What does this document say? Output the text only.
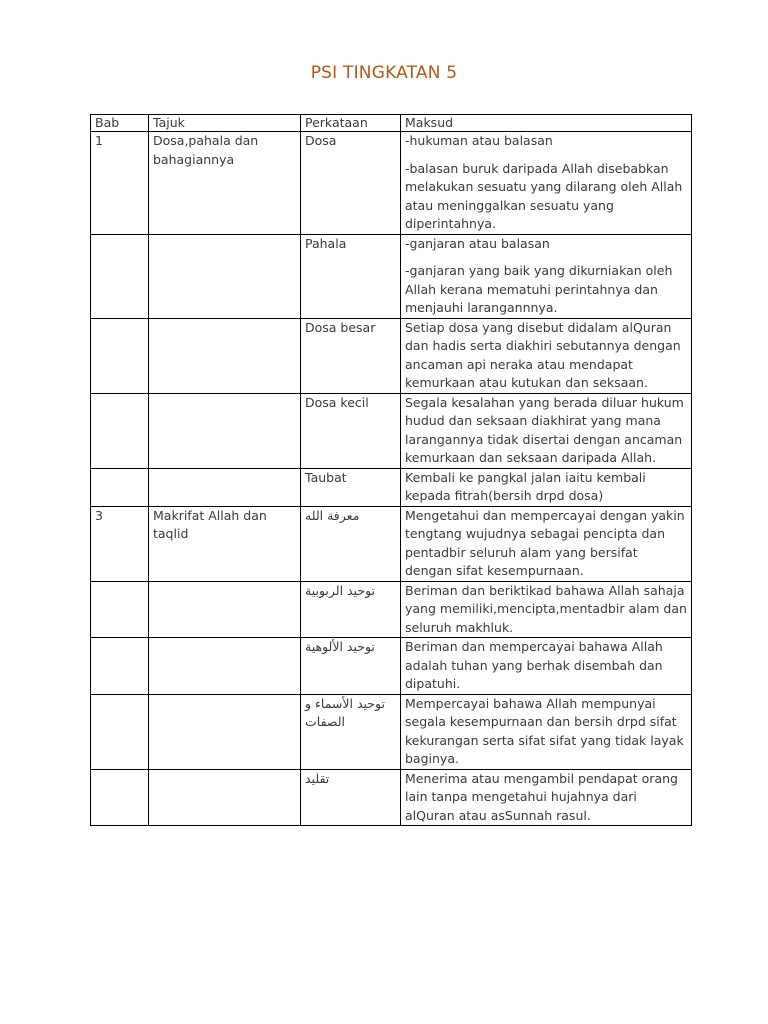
PSI TINGKATAN 5
Bab	Tajuk	Perkataan	Maksud
1	Dosa,pahala dan bahagiannya	Dosa	-hukuman atau balasan

-balasan buruk daripada Allah disebabkan melakukan sesuatu yang dilarang oleh Allah atau meninggalkan sesuatu yang diperintahnya.

		Pahala	-ganjaran atau balasan

-ganjaran yang baik yang dikurniakan oleh Allah kerana mematuhi perintahnya dan menjauhi larangannnya.

		Dosa besar	Setiap dosa yang disebut didalam alQuran dan hadis serta diakhiri sebutannya dengan ancaman api neraka atau mendapat kemurkaan atau kutukan dan seksaan.

		Dosa kecil	Segala kesalahan yang berada diluar hukum hudud dan seksaan diakhirat yang mana larangannya tidak disertai dengan ancaman kemurkaan dan seksaan daripada Allah.

		Taubat	Kembali ke pangkal jalan iaitu kembali kepada fitrah(bersih drpd dosa)

3	Makrifat Allah dan taqlid	معرفة الله	Mengetahui dan mempercayai dengan yakin tengtang wujudnya sebagai pencipta dan pentadbir seluruh alam yang bersifat dengan sifat kesempurnaan.

		توحيد الربوبية	Beriman dan beriktikad bahawa Allah sahaja yang memiliki,mencipta,mentadbir alam dan seluruh makhluk.

		توحيد الألوهية	Beriman dan mempercayai bahawa Allah adalah tuhan yang berhak disembah dan dipatuhi.

		توحيد الأسماء و الصفات	Mempercayai bahawa Allah mempunyai segala kesempurnaan dan bersih drpd sifat kekurangan serta sifat sifat yang tidak layak baginya.

		تقليد	Menerima atau mengambil pendapat orang lain tanpa mengetahui hujahnya dari alQuran atau asSunnah rasul.
